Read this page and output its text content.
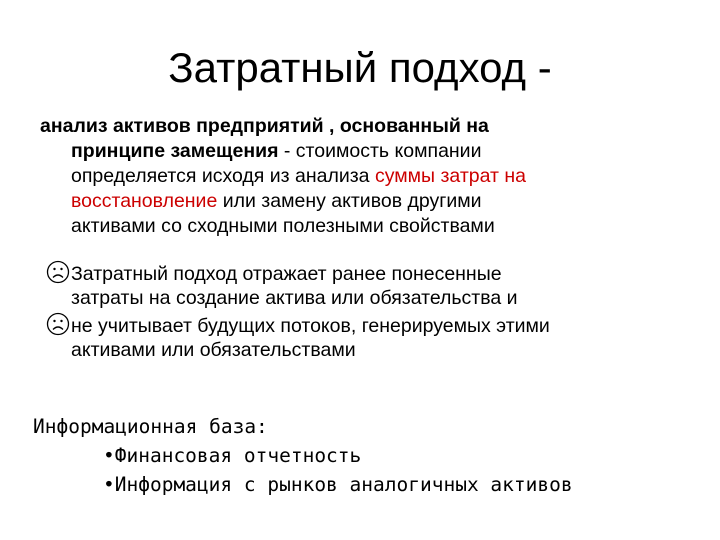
Затратный подход -
анализ активов предприятий , основанный на
принципе замещения - стоимость компании
определяется исходя из анализа суммы затрат на
восстановление или замену активов другими
активами со сходными полезными свойствами
Затратный подход отражает ранее понесенные
затраты на создание актива или обязательства и
не учитывает будущих потоков, генерируемых этими
активами или обязательствами
Информационная база:
•Финансовая отчетность
•Информация с рынков аналогичных активов
